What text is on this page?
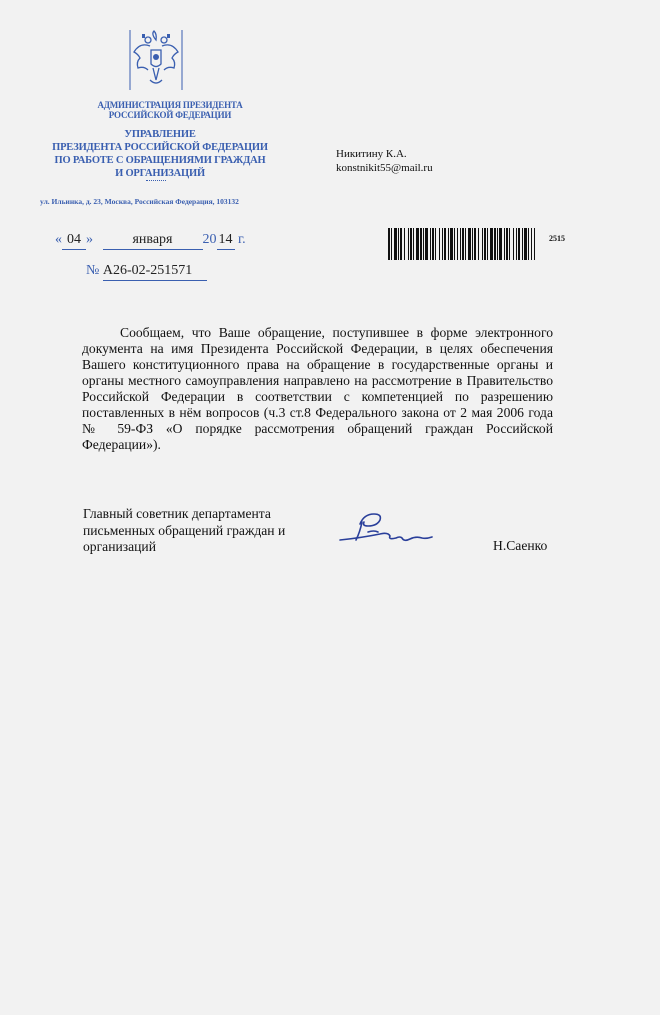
АДМИНИСТРАЦИЯ ПРЕЗИДЕНТА
РОССИЙСКОЙ ФЕДЕРАЦИИ
УПРАВЛЕНИЕ
ПРЕЗИДЕНТА РОССИЙСКОЙ ФЕДЕРАЦИИ
ПО РАБОТЕ С ОБРАЩЕНИЯМИ ГРАЖДАН
И ОРГАНИЗАЦИЙ
ул. Ильинка, д. 23, Москва, Российская Федерация, 103132
Никитину К.А.
konstnikit55@mail.ru
« 04 »	января 20 14 г.	2515
№ А26-02-251571
Сообщаем, что Ваше обращение, поступившее в форме электронного документа на имя Президента Российской Федерации, в целях обеспечения Вашего конституционного права на обращение в государственные органы и органы местного самоуправления направлено на рассмотрение в Правительство Российской Федерации в соответствии с компетенцией по разрешению поставленных в нём вопросов (ч.3 ст.8 Федерального закона от 2 мая 2006 года № 59-ФЗ «О порядке рассмотрения обращений граждан Российской Федерации»).
Главный советник департамента
письменных обращений граждан и
организаций	Н.Саенко
